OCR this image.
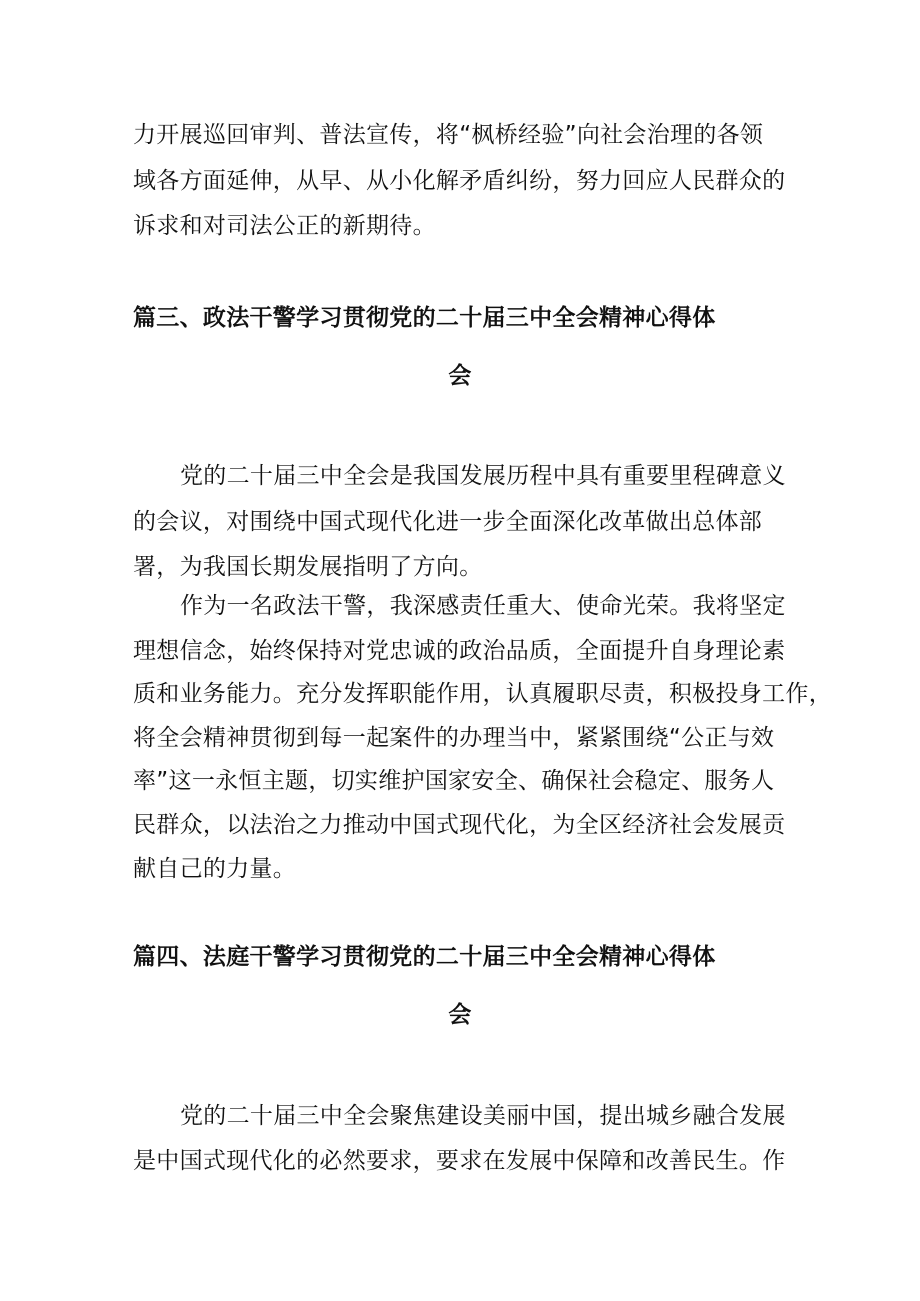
力开展巡回审判、普法宣传，将“枫桥经验”向社会治理的各领
域各方面延伸，从早、从小化解矛盾纠纷，努力回应人民群众的
诉求和对司法公正的新期待。
篇三、政法干警学习贯彻党的二十届三中全会精神心得体
会
党的二十届三中全会是我国发展历程中具有重要里程碑意义
的会议，对围绕中国式现代化进一步全面深化改革做出总体部
署，为我国长期发展指明了方向。
作为一名政法干警，我深感责任重大、使命光荣。我将坚定
理想信念，始终保持对党忠诚的政治品质，全面提升自身理论素
质和业务能力。充分发挥职能作用，认真履职尽责，积极投身工作，
将全会精神贯彻到每一起案件的办理当中，紧紧围绕“公正与效
率”这一永恒主题，切实维护国家安全、确保社会稳定、服务人
民群众，以法治之力推动中国式现代化，为全区经济社会发展贡
献自己的力量。
篇四、法庭干警学习贯彻党的二十届三中全会精神心得体
会
党的二十届三中全会聚焦建设美丽中国，提出城乡融合发展
是中国式现代化的必然要求，要求在发展中保障和改善民生。作
